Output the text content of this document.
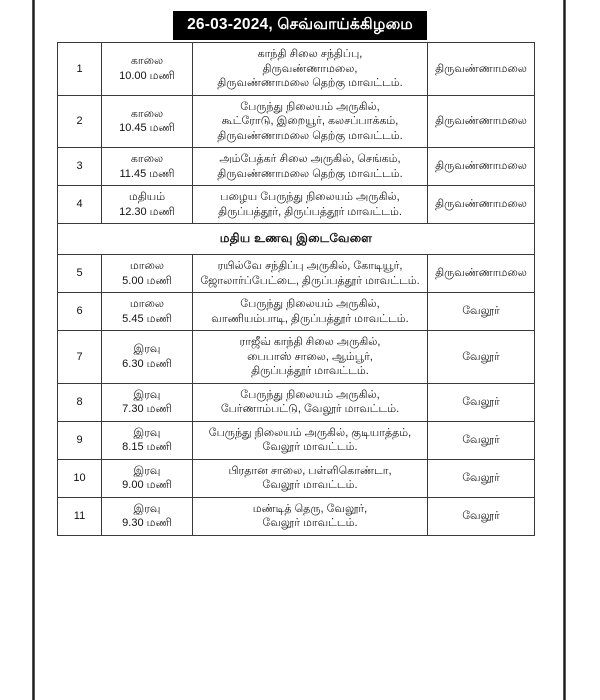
26-03-2024, செவ்வாய்க்கிழமை
1	காலை
10.00 மணி	காந்தி சிலை சந்திப்பு,
திருவண்ணாமலை,
திருவண்ணாமலை தெற்கு மாவட்டம்.	திருவண்ணாமலை
2	காலை
10.45 மணி	பேருந்து நிலையம் அருகில்,
கூட்ரோடு, இறையூர், கலசப்பாக்கம்,
திருவண்ணாமலை தெற்கு மாவட்டம்.	திருவண்ணாமலை
3	காலை
11.45 மணி	அம்பேத்கர் சிலை அருகில், செங்கம்,
திருவண்ணாமலை தெற்கு மாவட்டம்.	திருவண்ணாமலை
4	மதியம்
12.30 மணி	பழைய பேருந்து நிலையம் அருகில்,
திருப்பத்தூர், திருப்பத்தூர் மாவட்டம்.	திருவண்ணாமலை
மதிய உணவு இடைவேளை			
5	மாலை
5.00 மணி	ரயில்வே சந்திப்பு அருகில், கோடியூர்,
ஜோலார்ப்பேட்டை, திருப்பத்தூர் மாவட்டம்.	திருவண்ணாமலை
6	மாலை
5.45 மணி	பேருந்து நிலையம் அருகில்,
வாணியம்பாடி, திருப்பத்தூர் மாவட்டம்.	வேலூர்
7	இரவு
6.30 மணி	ராஜீவ் காந்தி சிலை அருகில்,
பைபாஸ் சாலை, ஆம்பூர்,
திருப்பத்தூர் மாவட்டம்.	வேலூர்
8	இரவு
7.30 மணி	பேருந்து நிலையம் அருகில்,
பேர்ணாம்பட்டு, வேலூர் மாவட்டம்.	வேலூர்
9	இரவு
8.15 மணி	பேருந்து நிலையம் அருகில், குடியாத்தம்,
வேலூர் மாவட்டம்.	வேலூர்
10	இரவு
9.00 மணி	பிரதான சாலை, பள்ளிகொண்டா,
வேலூர் மாவட்டம்.	வேலூர்
11	இரவு
9.30 மணி	மண்டித் தெரு, வேலூர்,
வேலூர் மாவட்டம்.	வேலூர்
